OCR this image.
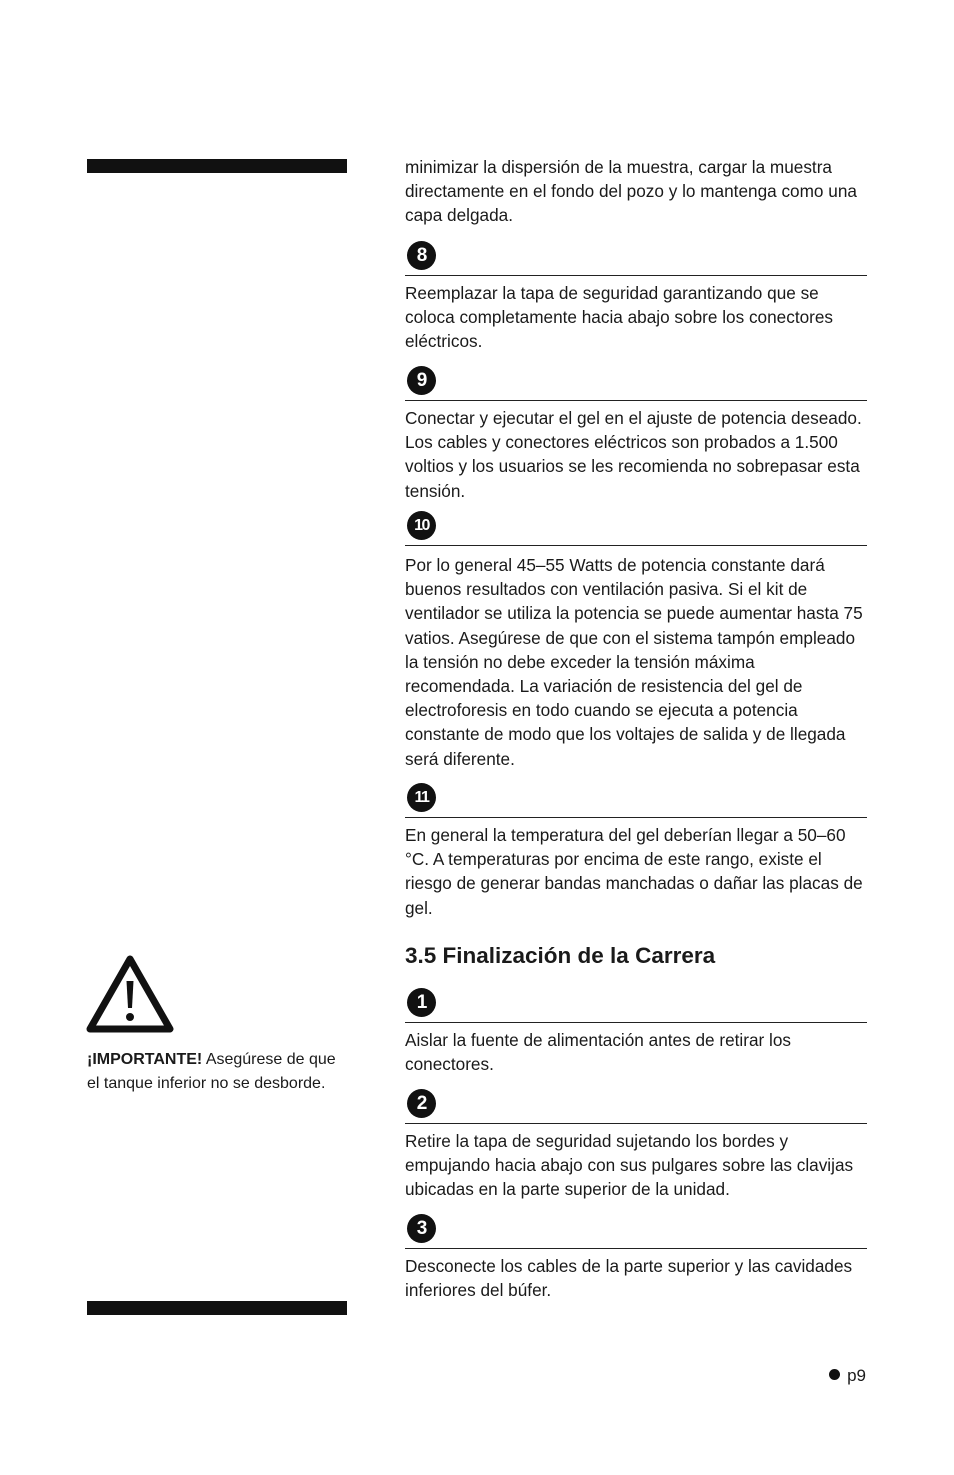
¡IMPORTANTE! Asegúrese de que el tanque inferior no se desborde.

minimizar la dispersión de la muestra, cargar la muestra directamente en el fondo del pozo y lo mantenga como una capa delgada.

8

Reemplazar la tapa de seguridad garantizando que se coloca completamente hacia abajo sobre los conectores eléctricos.

9

Conectar y ejecutar el gel en el ajuste de potencia deseado. Los cables y conectores eléctricos son probados a 1.500 voltios y los usuarios se les recomienda no sobrepasar esta tensión.

10

Por lo general 45–55 Watts de potencia constante dará buenos resultados con ventilación pasiva. Si el kit de ventilador se utiliza la potencia se puede aumentar hasta 75 vatios. Asegúrese de que con el sistema tampón empleado la tensión no debe exceder la tensión máxima recomendada. La variación de resistencia del gel de electroforesis en todo cuando se ejecuta a potencia constante de modo que los voltajes de salida y de llegada será diferente.

11

En general la temperatura del gel deberían llegar a 50–60 °C. A temperaturas por encima de este rango, existe el riesgo de generar bandas manchadas o dañar las placas de gel.

3.5 Finalización de la Carrera
1

Aislar la fuente de alimentación antes de retirar los conectores.

2

Retire la tapa de seguridad sujetando los bordes y empujando hacia abajo con sus pulgares sobre las clavijas ubicadas en la parte superior de la unidad.

3

Desconecte los cables de la parte superior y las cavidades inferiores del búfer.

p9
